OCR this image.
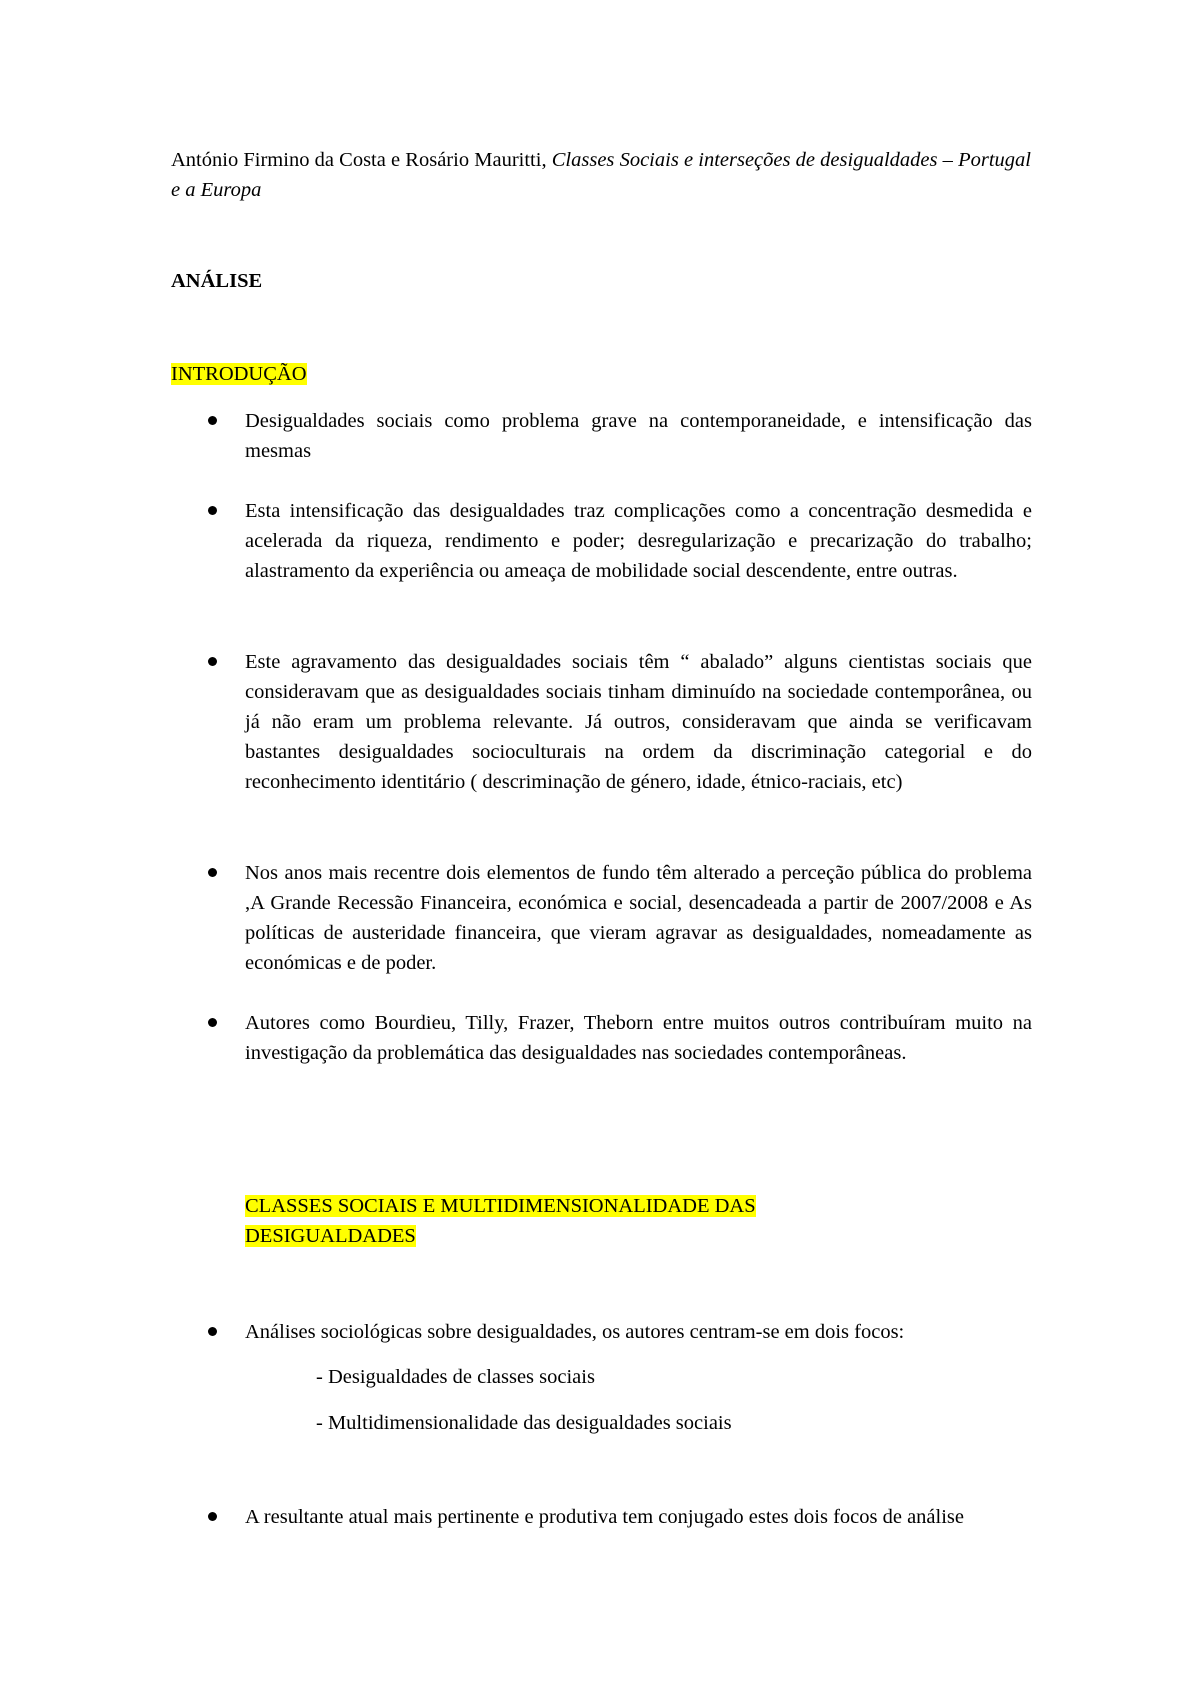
António Firmino da Costa e Rosário Mauritti, Classes Sociais e interseções de desigualdades – Portugal e a Europa
ANÁLISE
INTRODUÇÃO
Desigualdades sociais como problema grave na contemporaneidade, e intensificação das mesmas
Esta intensificação das desigualdades traz complicações como a concentração desmedida e acelerada da riqueza, rendimento e poder; desregularização e precarização do trabalho; alastramento da experiência ou ameaça de mobilidade social descendente, entre outras.
Este agravamento das desigualdades sociais têm “ abalado” alguns cientistas sociais que consideravam que as desigualdades sociais tinham diminuído na sociedade contemporânea, ou já não eram um problema relevante. Já outros, consideravam que ainda se verificavam bastantes desigualdades socioculturais na ordem da discriminação categorial e do reconhecimento identitário ( descriminação de género, idade, étnico-raciais, etc)
Nos anos mais recentre dois elementos de fundo têm alterado a perceção pública do problema ,A Grande Recessão Financeira, económica e social, desencadeada a partir de 2007/2008 e As políticas de austeridade financeira, que vieram agravar as desigualdades, nomeadamente as económicas e de poder.
Autores como Bourdieu, Tilly, Frazer, Theborn entre muitos outros contribuíram muito na investigação da problemática das desigualdades nas sociedades contemporâneas.
CLASSES SOCIAIS E MULTIDIMENSIONALIDADE DAS DESIGUALDADES
Análises sociológicas sobre desigualdades, os autores centram-se em dois focos:
- Desigualdades de classes sociais
- Multidimensionalidade das desigualdades sociais
A resultante atual mais pertinente e produtiva tem conjugado estes dois focos de análise
